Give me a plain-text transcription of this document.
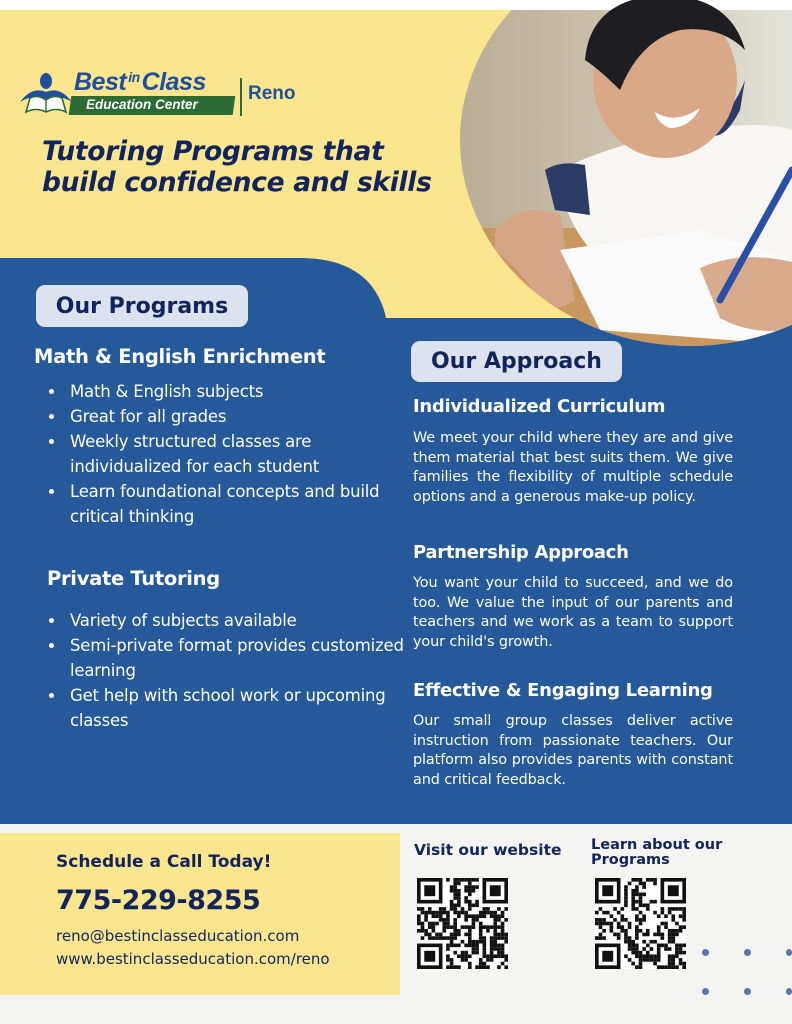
Best $^{in}$Class
Education Center
Reno
Tutoring Programs that build confidence and skills
Our Programs
Math & English Enrichment
Math & English subjects
Great for all grades
Weekly structured classes are individualized for each student
Learn foundational concepts and build critical thinking
Private Tutoring
Variety of subjects available
Semi-private format provides customized learning
Get help with school work or upcoming classes
Our Approach
Individualized Curriculum

We meet your child where they are and give them material that best suits them. We give families the flexibility of multiple schedule options and a generous make-up policy.

Partnership Approach

You want your child to succeed, and we do too. We value the input of our parents and teachers and we work as a team to support your child's growth.

Effective & Engaging Learning

Our small group classes deliver active instruction from passionate teachers. Our platform also provides parents with constant and critical feedback.

Schedule a Call Today!
775-229-8255
reno@bestinclasseducation.com
www.bestinclasseducation.com/reno
Visit our website Learn about our Programs
